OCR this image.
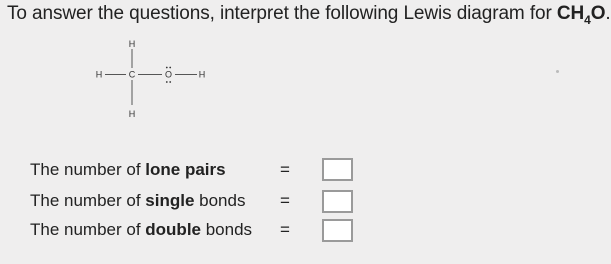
To answer the questions, interpret the following Lewis diagram for $CH_4O$.
H
H	C	O	H
H
The number of lone pairs	=
The number of single bonds =
The number of double bonds =
